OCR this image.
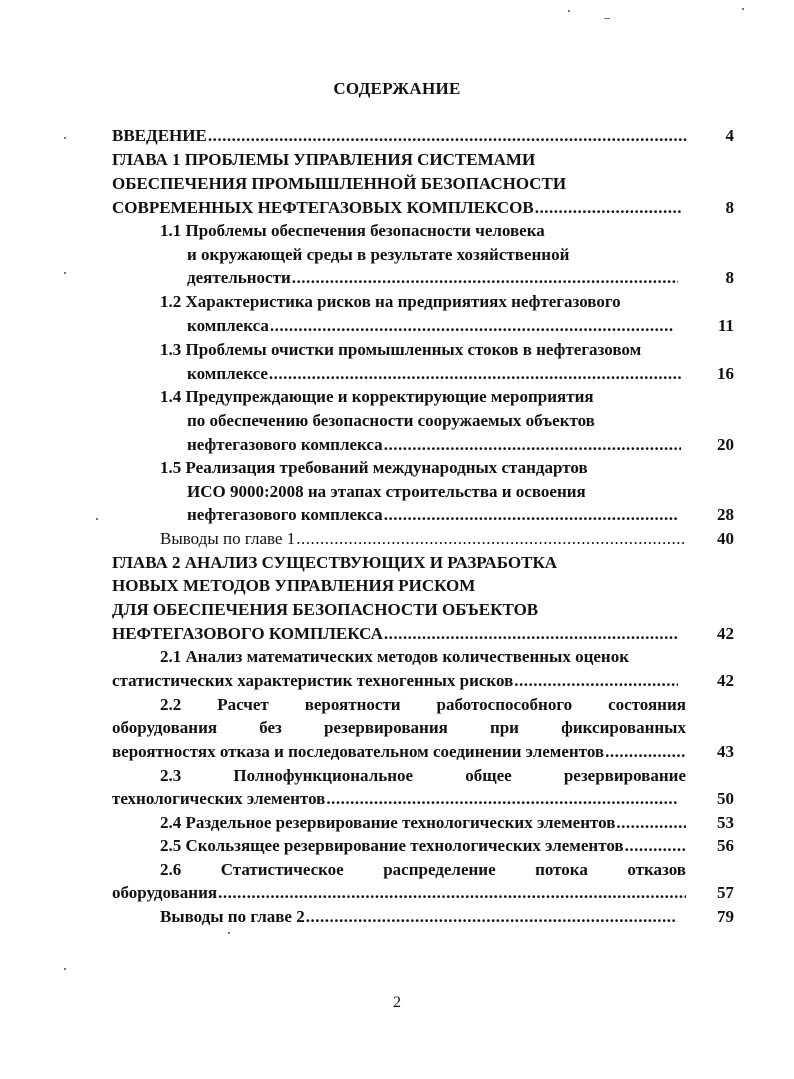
СОДЕРЖАНИЕ
ВВЕДЕНИЕ .....	4
ГЛАВА 1 ПРОБЛЕМЫ УПРАВЛЕНИЯ СИСТЕМАМИ
ОБЕСПЕЧЕНИЯ ПРОМЫШЛЕННОЙ БЕЗОПАСНОСТИ
СОВРЕМЕННЫХ НЕФТЕГАЗОВЫХ КОМПЛЕКСОВ .....	8
1.1 Проблемы обеспечения безопасности человека
и окружающей среды в результате хозяйственной
деятельности .....	8
1.2 Характеристика рисков на предприятиях нефтегазового
комплекса .....	11
1.3 Проблемы очистки промышленных стоков в нефтегазовом
комплексе .....	16
1.4 Предупреждающие и корректирующие мероприятия
по обеспечению безопасности сооружаемых объектов
нефтегазового комплекса .....	20
1.5 Реализация требований международных стандартов
ИСО 9000:2008 на этапах строительства и освоения
нефтегазового комплекса .....	28
Выводы по главе 1 .....	40
ГЛАВА 2 АНАЛИЗ СУЩЕСТВУЮЩИХ И РАЗРАБОТКА
НОВЫХ МЕТОДОВ УПРАВЛЕНИЯ РИСКОМ
ДЛЯ ОБЕСПЕЧЕНИЯ БЕЗОПАСНОСТИ ОБЪЕКТОВ
НЕФТЕГАЗОВОГО КОМПЛЕКСА .....	42
2.1 Анализ математических методов количественных оценок
статистических характеристик техногенных рисков .....	42
2.2 Расчет вероятности работоспособного состояния
оборудования без резервирования при фиксированных
вероятностях отказа и последовательном соединении элементов .....	43
2.3	Полнофункциональное	общее	резервирование
технологических элементов .....	50
2.4 Раздельное резервирование технологических элементов .....	53
2.5 Скользящее резервирование технологических элементов .....	56
2.6 Статистическое распределение потока отказов
оборудования .....	57
Выводы по главе 2 .....	79
2
